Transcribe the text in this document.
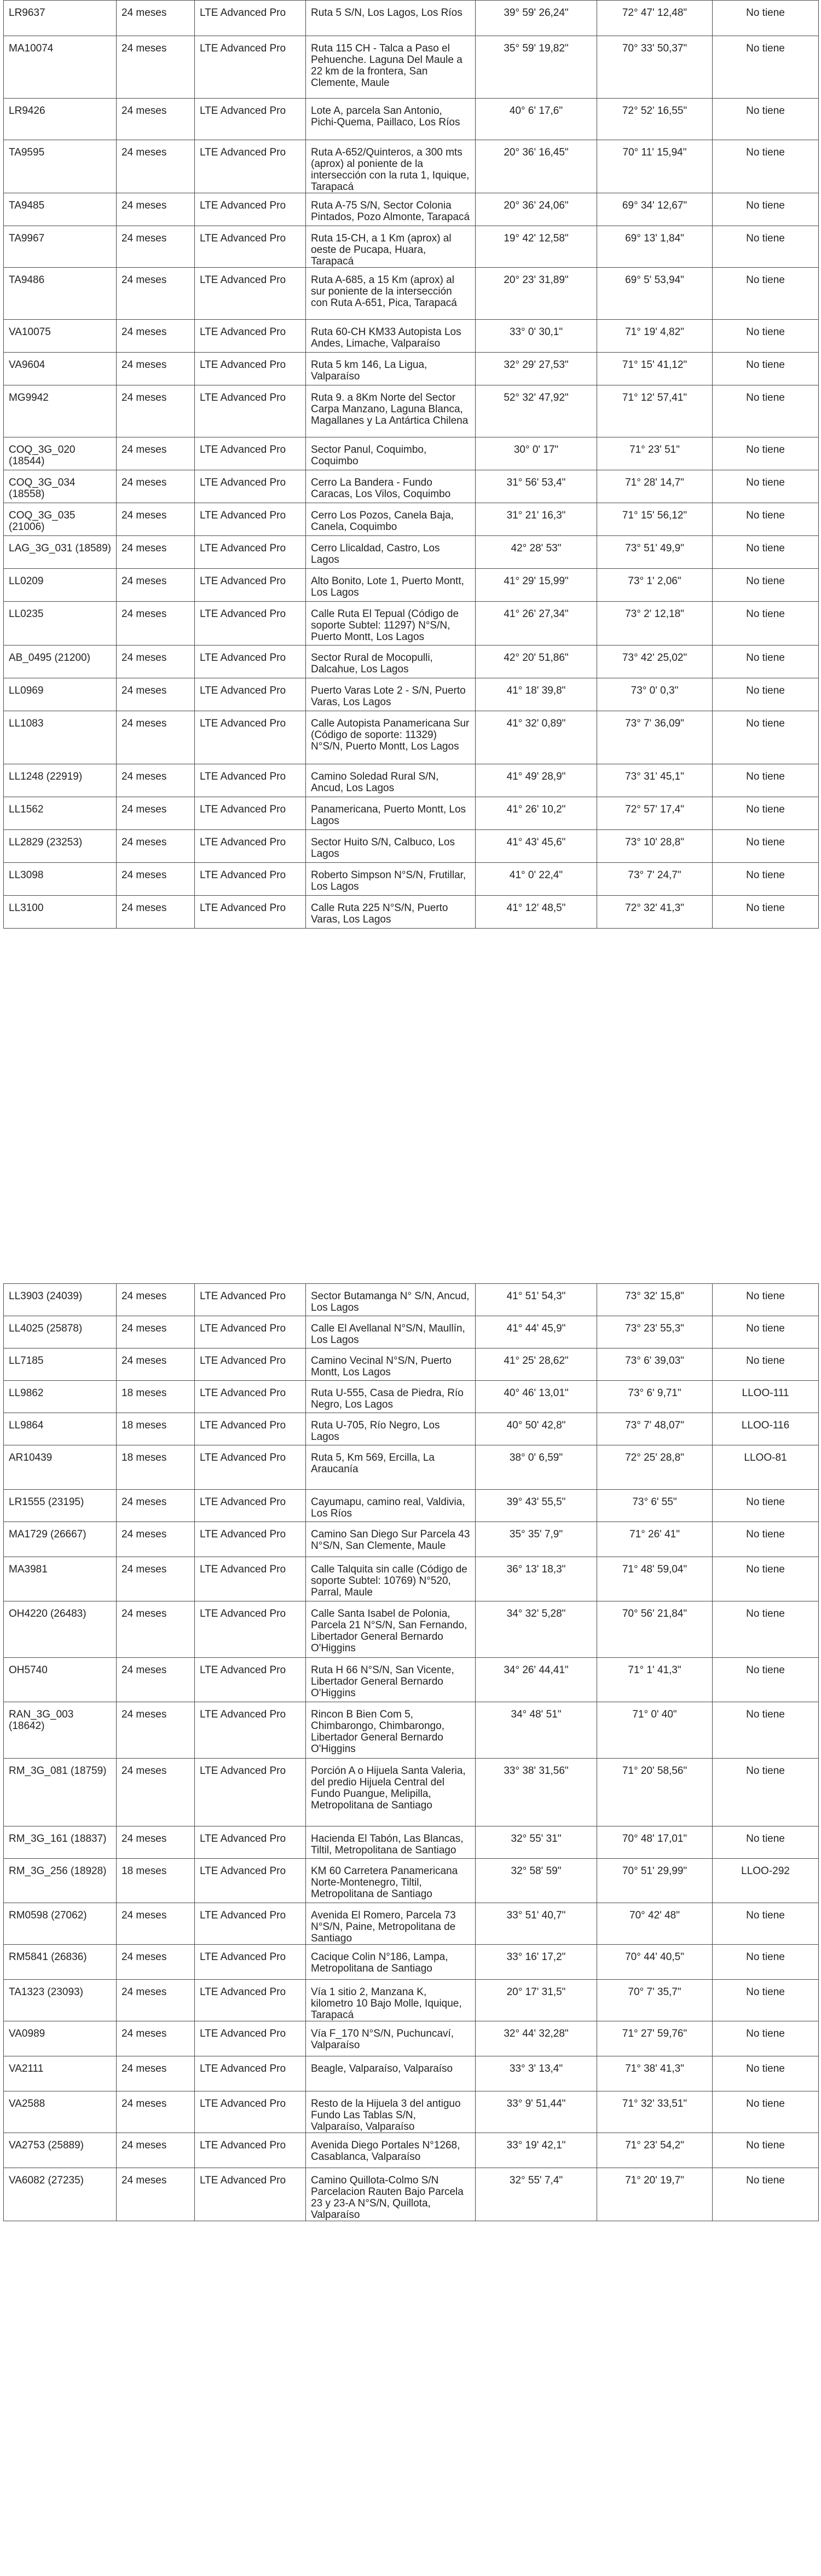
LR9637	24 meses	LTE Advanced Pro	Ruta 5 S/N, Los Lagos, Los Ríos	39° 59' 26,24"	72° 47' 12,48"	No tiene
MA10074	24 meses	LTE Advanced Pro	Ruta 115 CH - Talca a Paso el Pehuenche. Laguna Del Maule a 22 km de la frontera, San Clemente, Maule	35° 59' 19,82"	70° 33' 50,37"	No tiene
LR9426	24 meses	LTE Advanced Pro	Lote A, parcela San Antonio, Pichi-Quema, Paillaco, Los Ríos	40° 6' 17,6"	72° 52' 16,55"	No tiene
TA9595	24 meses	LTE Advanced Pro	Ruta A-652/Quinteros, a 300 mts (aprox) al poniente de la intersección con la ruta 1, Iquique, Tarapacá	20° 36' 16,45"	70° 11' 15,94"	No tiene
TA9485	24 meses	LTE Advanced Pro	Ruta A-75 S/N, Sector Colonia Pintados, Pozo Almonte, Tarapacá	20° 36' 24,06"	69° 34' 12,67"	No tiene
TA9967	24 meses	LTE Advanced Pro	Ruta 15-CH, a 1 Km (aprox) al oeste de Pucapa, Huara, Tarapacá	19° 42' 12,58"	69° 13' 1,84"	No tiene
TA9486	24 meses	LTE Advanced Pro	Ruta A-685, a 15 Km (aprox) al sur poniente de la intersección con Ruta A-651, Pica, Tarapacá	20° 23' 31,89"	69° 5' 53,94"	No tiene
VA10075	24 meses	LTE Advanced Pro	Ruta 60-CH KM33 Autopista Los Andes, Limache, Valparaíso	33° 0' 30,1"	71° 19' 4,82"	No tiene
VA9604	24 meses	LTE Advanced Pro	Ruta 5 km 146, La Ligua, Valparaíso	32° 29' 27,53"	71° 15' 41,12"	No tiene
MG9942	24 meses	LTE Advanced Pro	Ruta 9. a 8Km Norte del Sector Carpa Manzano, Laguna Blanca, Magallanes y La Antártica Chilena	52° 32' 47,92"	71° 12' 57,41"	No tiene
COQ_3G_020 (18544)	24 meses	LTE Advanced Pro	Sector Panul, Coquimbo, Coquimbo	30° 0' 17"	71° 23' 51"	No tiene
COQ_3G_034 (18558)	24 meses	LTE Advanced Pro	Cerro La Bandera - Fundo Caracas, Los Vilos, Coquimbo	31° 56' 53,4"	71° 28' 14,7"	No tiene
COQ_3G_035 (21006)	24 meses	LTE Advanced Pro	Cerro Los Pozos, Canela Baja, Canela, Coquimbo	31° 21' 16,3"	71° 15' 56,12"	No tiene
LAG_3G_031 (18589)	24 meses	LTE Advanced Pro	Cerro Llicaldad, Castro, Los Lagos	42° 28' 53"	73° 51' 49,9"	No tiene
LL0209	24 meses	LTE Advanced Pro	Alto Bonito, Lote 1, Puerto Montt, Los Lagos	41° 29' 15,99"	73° 1' 2,06"	No tiene
LL0235	24 meses	LTE Advanced Pro	Calle Ruta El Tepual (Código de soporte Subtel: 11297) N°S/N, Puerto Montt, Los Lagos	41° 26' 27,34"	73° 2' 12,18"	No tiene
AB_0495 (21200)	24 meses	LTE Advanced Pro	Sector Rural de Mocopulli, Dalcahue, Los Lagos	42° 20' 51,86"	73° 42' 25,02"	No tiene
LL0969	24 meses	LTE Advanced Pro	Puerto Varas Lote 2 - S/N, Puerto Varas, Los Lagos	41° 18' 39,8"	73° 0' 0,3"	No tiene
LL1083	24 meses	LTE Advanced Pro	Calle Autopista Panamericana Sur (Código de soporte: 11329) N°S/N, Puerto Montt, Los Lagos	41° 32' 0,89"	73° 7' 36,09"	No tiene
LL1248 (22919)	24 meses	LTE Advanced Pro	Camino Soledad Rural S/N, Ancud, Los Lagos	41° 49' 28,9"	73° 31' 45,1"	No tiene
LL1562	24 meses	LTE Advanced Pro	Panamericana, Puerto Montt, Los Lagos	41° 26' 10,2"	72° 57' 17,4"	No tiene
LL2829 (23253)	24 meses	LTE Advanced Pro	Sector Huito S/N, Calbuco, Los Lagos	41° 43' 45,6"	73° 10' 28,8"	No tiene
LL3098	24 meses	LTE Advanced Pro	Roberto Simpson N°S/N, Frutillar, Los Lagos	41° 0' 22,4"	73° 7' 24,7"	No tiene
LL3100	24 meses	LTE Advanced Pro	Calle Ruta 225 N°S/N, Puerto Varas, Los Lagos	41° 12' 48,5"	72° 32' 41,3"	No tiene
LL3903 (24039)	24 meses	LTE Advanced Pro	Sector Butamanga N° S/N, Ancud, Los Lagos	41° 51' 54,3"	73° 32' 15,8"	No tiene
LL4025 (25878)	24 meses	LTE Advanced Pro	Calle El Avellanal N°S/N, Maullín, Los Lagos	41° 44' 45,9"	73° 23' 55,3"	No tiene
LL7185	24 meses	LTE Advanced Pro	Camino Vecinal N°S/N, Puerto Montt, Los Lagos	41° 25' 28,62"	73° 6' 39,03"	No tiene
LL9862	18 meses	LTE Advanced Pro	Ruta U-555, Casa de Piedra, Río Negro, Los Lagos	40° 46' 13,01"	73° 6' 9,71"	LLOO-111
LL9864	18 meses	LTE Advanced Pro	Ruta U-705, Río Negro, Los Lagos	40° 50' 42,8"	73° 7' 48,07"	LLOO-116
AR10439	18 meses	LTE Advanced Pro	Ruta 5, Km 569, Ercilla, La Araucanía	38° 0' 6,59"	72° 25' 28,8"	LLOO-81
LR1555 (23195)	24 meses	LTE Advanced Pro	Cayumapu, camino real, Valdivia, Los Ríos	39° 43' 55,5"	73° 6' 55"	No tiene
MA1729 (26667)	24 meses	LTE Advanced Pro	Camino San Diego Sur Parcela 43 N°S/N, San Clemente, Maule	35° 35' 7,9"	71° 26' 41"	No tiene
MA3981	24 meses	LTE Advanced Pro	Calle Talquita sin calle (Código de soporte Subtel: 10769) N°520, Parral, Maule	36° 13' 18,3"	71° 48' 59,04"	No tiene
OH4220 (26483)	24 meses	LTE Advanced Pro	Calle Santa Isabel de Polonia, Parcela 21 N°S/N, San Fernando, Libertador General Bernardo O'Higgins	34° 32' 5,28"	70° 56' 21,84"	No tiene
OH5740	24 meses	LTE Advanced Pro	Ruta H 66 N°S/N, San Vicente, Libertador General Bernardo O'Higgins	34° 26' 44,41"	71° 1' 41,3"	No tiene
RAN_3G_003 (18642)	24 meses	LTE Advanced Pro	Rincon B Bien Com 5, Chimbarongo, Chimbarongo, Libertador General Bernardo O'Higgins	34° 48' 51"	71° 0' 40"	No tiene
RM_3G_081 (18759)	24 meses	LTE Advanced Pro	Porción A o Hijuela Santa Valeria, del predio Hijuela Central del Fundo Puangue, Melipilla, Metropolitana de Santiago	33° 38' 31,56"	71° 20' 58,56"	No tiene
RM_3G_161 (18837)	24 meses	LTE Advanced Pro	Hacienda El Tabón, Las Blancas, Tiltil, Metropolitana de Santiago	32° 55' 31"	70° 48' 17,01"	No tiene
RM_3G_256 (18928)	18 meses	LTE Advanced Pro	KM 60 Carretera Panamericana Norte-Montenegro, Tiltil, Metropolitana de Santiago	32° 58' 59"	70° 51' 29,99"	LLOO-292
RM0598 (27062)	24 meses	LTE Advanced Pro	Avenida El Romero, Parcela 73 N°S/N, Paine, Metropolitana de Santiago	33° 51' 40,7"	70° 42' 48"	No tiene
RM5841 (26836)	24 meses	LTE Advanced Pro	Cacique Colin N°186, Lampa, Metropolitana de Santiago	33° 16' 17,2"	70° 44' 40,5"	No tiene
TA1323 (23093)	24 meses	LTE Advanced Pro	Vía 1 sitio 2, Manzana K, kilometro 10 Bajo Molle, Iquique, Tarapacá	20° 17' 31,5"	70° 7' 35,7"	No tiene
VA0989	24 meses	LTE Advanced Pro	Vía F_170 N°S/N, Puchuncaví, Valparaíso	32° 44' 32,28"	71° 27' 59,76"	No tiene
VA2111	24 meses	LTE Advanced Pro	Beagle, Valparaíso, Valparaíso	33° 3' 13,4"	71° 38' 41,3"	No tiene
VA2588	24 meses	LTE Advanced Pro	Resto de la Hijuela 3 del antiguo Fundo Las Tablas S/N, Valparaíso, Valparaíso	33° 9' 51,44"	71° 32' 33,51"	No tiene
VA2753 (25889)	24 meses	LTE Advanced Pro	Avenida Diego Portales N°1268, Casablanca, Valparaíso	33° 19' 42,1"	71° 23' 54,2"	No tiene
VA6082 (27235)	24 meses	LTE Advanced Pro	Camino Quillota-Colmo S/N Parcelacion Rauten Bajo Parcela 23 y 23-A N°S/N, Quillota, Valparaíso	32° 55' 7,4"	71° 20' 19,7"	No tiene
